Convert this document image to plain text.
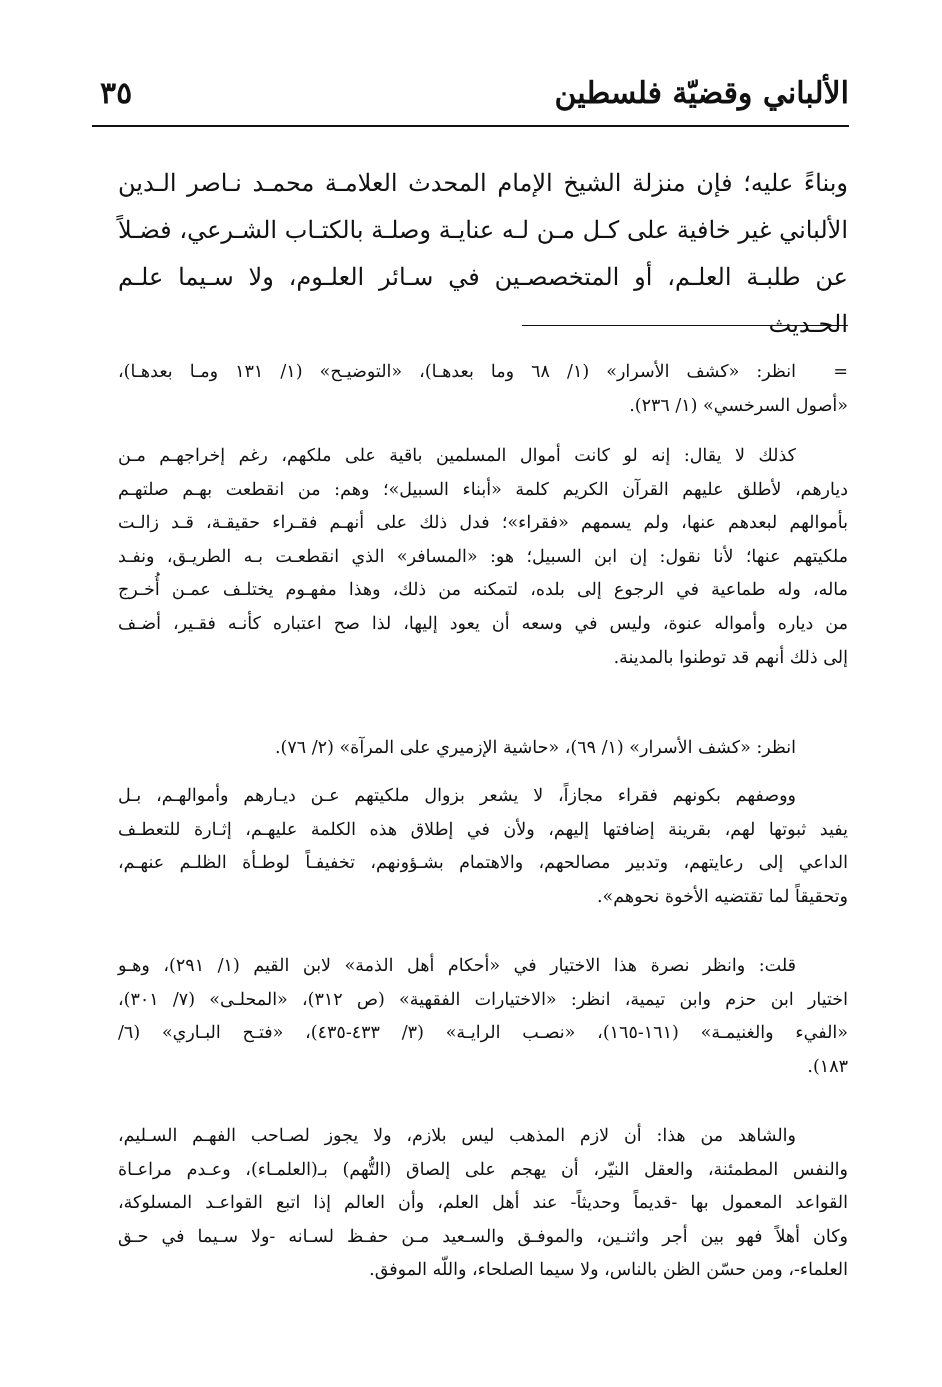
الألباني وقضيّة فلسطين
٣٥
وبناءً عليه؛ فإن منزلة الشيخ الإمام المحدث العلامـة محمـد نـاصر الـدين
الألباني غير خافية على كـل مـن لـه عنايـة وصلـة بالكتـاب الشـرعي، فضـلاً
عن طلبـة العلـم، أو المتخصصـين في سـائر العلـوم، ولا سـيما علـم الحـديث
=
انظر: «كشف الأسرار» (١/ ٦٨ وما بعدهـا)، «التوضيـح» (١/ ١٣١ ومـا بعدهـا)،
«أصول السرخسي» (١/ ٢٣٦).
كذلك لا يقال: إنه لو كانت أموال المسلمين باقية على ملكهم، رغم إخراجهـم مـن
ديارهم، لأطلق عليهم القرآن الكريم كلمة «أبناء السبيل»؛ وهم: من انقطعت بهـم صلتهـم
بأموالهم لبعدهم عنها، ولم يسمهم «فقراء»؛ فدل ذلك على أنهـم فقـراء حقيقـة، قـد زالـت
ملكيتهم عنها؛ لأنا نقول: إن ابن السبيل؛ هو: «المسافر» الذي انقطعـت بـه الطريـق، ونفـد
ماله، وله طماعية في الرجوع إلى بلده، لتمكنه من ذلك، وهذا مفهـوم يختلـف عمـن أُخـرج
من دياره وأمواله عنوة، وليس في وسعه أن يعود إليها، لذا صح اعتباره كأنـه فقـير، أضـف
إلى ذلك أنهم قد توطنوا بالمدينة.
انظر: «كشف الأسرار» (١/ ٦٩)، «حاشية الإزميري على المرآة» (٢/ ٧٦).
ووصفهم بكونهم فقراء مجازاً، لا يشعر بزوال ملكيتهم عـن ديـارهم وأموالهـم، بـل
يفيد ثبوتها لهم، بقرينة إضافتها إليهم، ولأن في إطلاق هذه الكلمة عليهـم، إثـارة للتعطـف
الداعي إلى رعايتهم، وتدبير مصالحهم، والاهتمام بشـؤونهم، تخفيفـاً لوطـأة الظلـم عنهـم،
وتحقيقاً لما تقتضيه الأخوة نحوهم».
قلت: وانظر نصرة هذا الاختيار في «أحكام أهل الذمة» لابن القيم (١/ ٢٩١)، وهـو
اختيار ابن حزم وابن تيمية، انظر: «الاختيارات الفقهية» (ص ٣١٢)، «المحلـى» (٧/ ٣٠١)،
«الفيء والغنيمـة» (١٦١-١٦٥)، «نصـب الرايـة» (٣/ ٤٣٣-٤٣٥)، «فتـح البـاري» (٦/
١٨٣).
والشاهد من هذا: أن لازم المذهب ليس بلازم، ولا يجوز لصـاحب الفهـم السـليم،
والنفس المطمئنة، والعقل النيّر، أن يهجم على إلصاق (التُّهم) بـ(العلمـاء)، وعـدم مراعـاة
القواعد المعمول بها -قديماً وحديثاً- عند أهل العلم، وأن العالم إذا اتبع القواعـد المسلوكة،
وكان أهلاً فهو بين أجر واثنـين، والموفـق والسـعيد مـن حفـظ لسـانه -ولا سـيما في حـق
العلماء-، ومن حسّن الظن بالناس، ولا سيما الصلحاء، واللّه الموفق.
